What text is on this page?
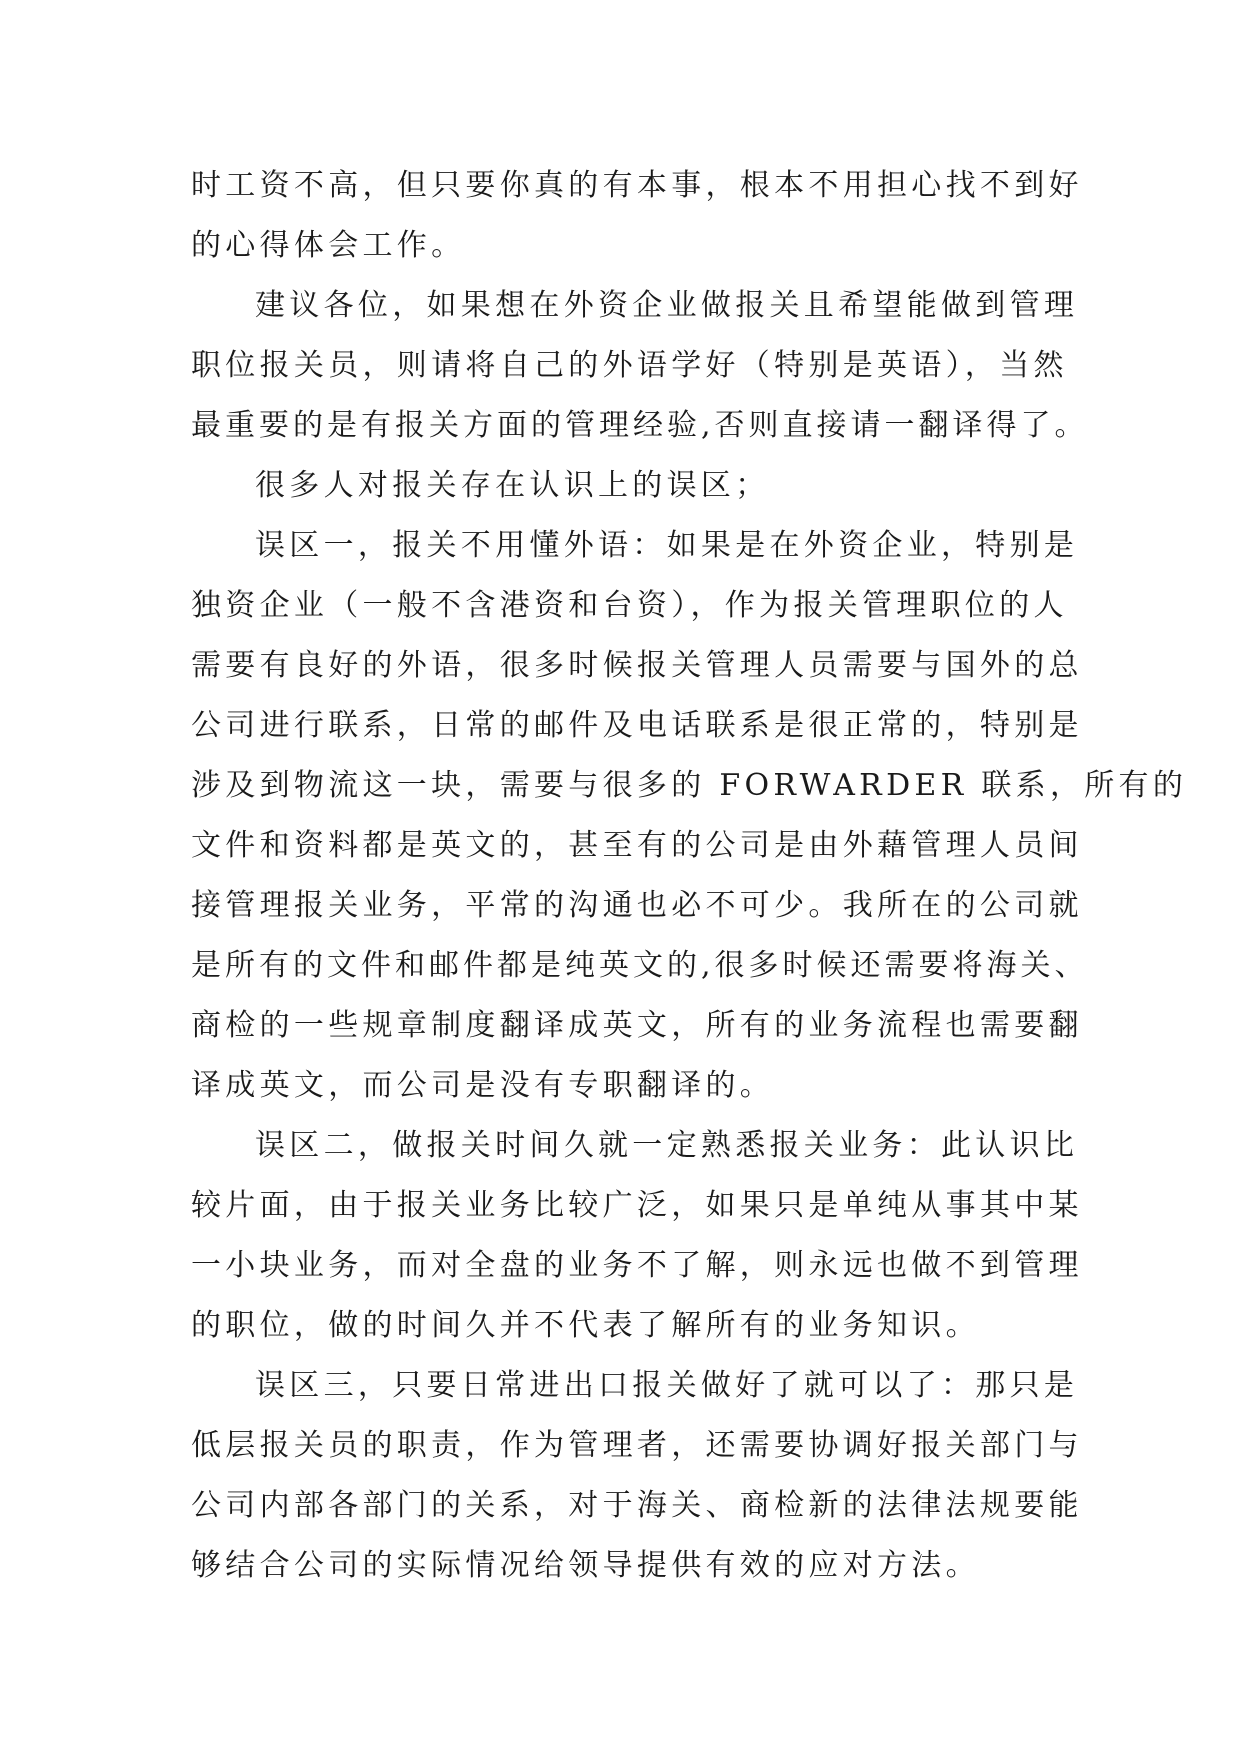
时工资不高，但只要你真的有本事，根本不用担心找不到好
的心得体会工作。
建议各位，如果想在外资企业做报关且希望能做到管理
职位报关员，则请将自己的外语学好（特别是英语），当然
最重要的是有报关方面的管理经验,否则直接请一翻译得了。
很多人对报关存在认识上的误区；
误区一，报关不用懂外语：如果是在外资企业，特别是
独资企业（一般不含港资和台资），作为报关管理职位的人
需要有良好的外语，很多时候报关管理人员需要与国外的总
公司进行联系，日常的邮件及电话联系是很正常的，特别是
涉及到物流这一块，需要与很多的 FORWARDER 联系，所有的
文件和资料都是英文的，甚至有的公司是由外藉管理人员间
接管理报关业务，平常的沟通也必不可少。我所在的公司就
是所有的文件和邮件都是纯英文的,很多时候还需要将海关、
商检的一些规章制度翻译成英文，所有的业务流程也需要翻
译成英文，而公司是没有专职翻译的。
误区二，做报关时间久就一定熟悉报关业务：此认识比
较片面，由于报关业务比较广泛，如果只是单纯从事其中某
一小块业务，而对全盘的业务不了解，则永远也做不到管理
的职位，做的时间久并不代表了解所有的业务知识。
误区三，只要日常进出口报关做好了就可以了：那只是
低层报关员的职责，作为管理者，还需要协调好报关部门与
公司内部各部门的关系，对于海关、商检新的法律法规要能
够结合公司的实际情况给领导提供有效的应对方法。
